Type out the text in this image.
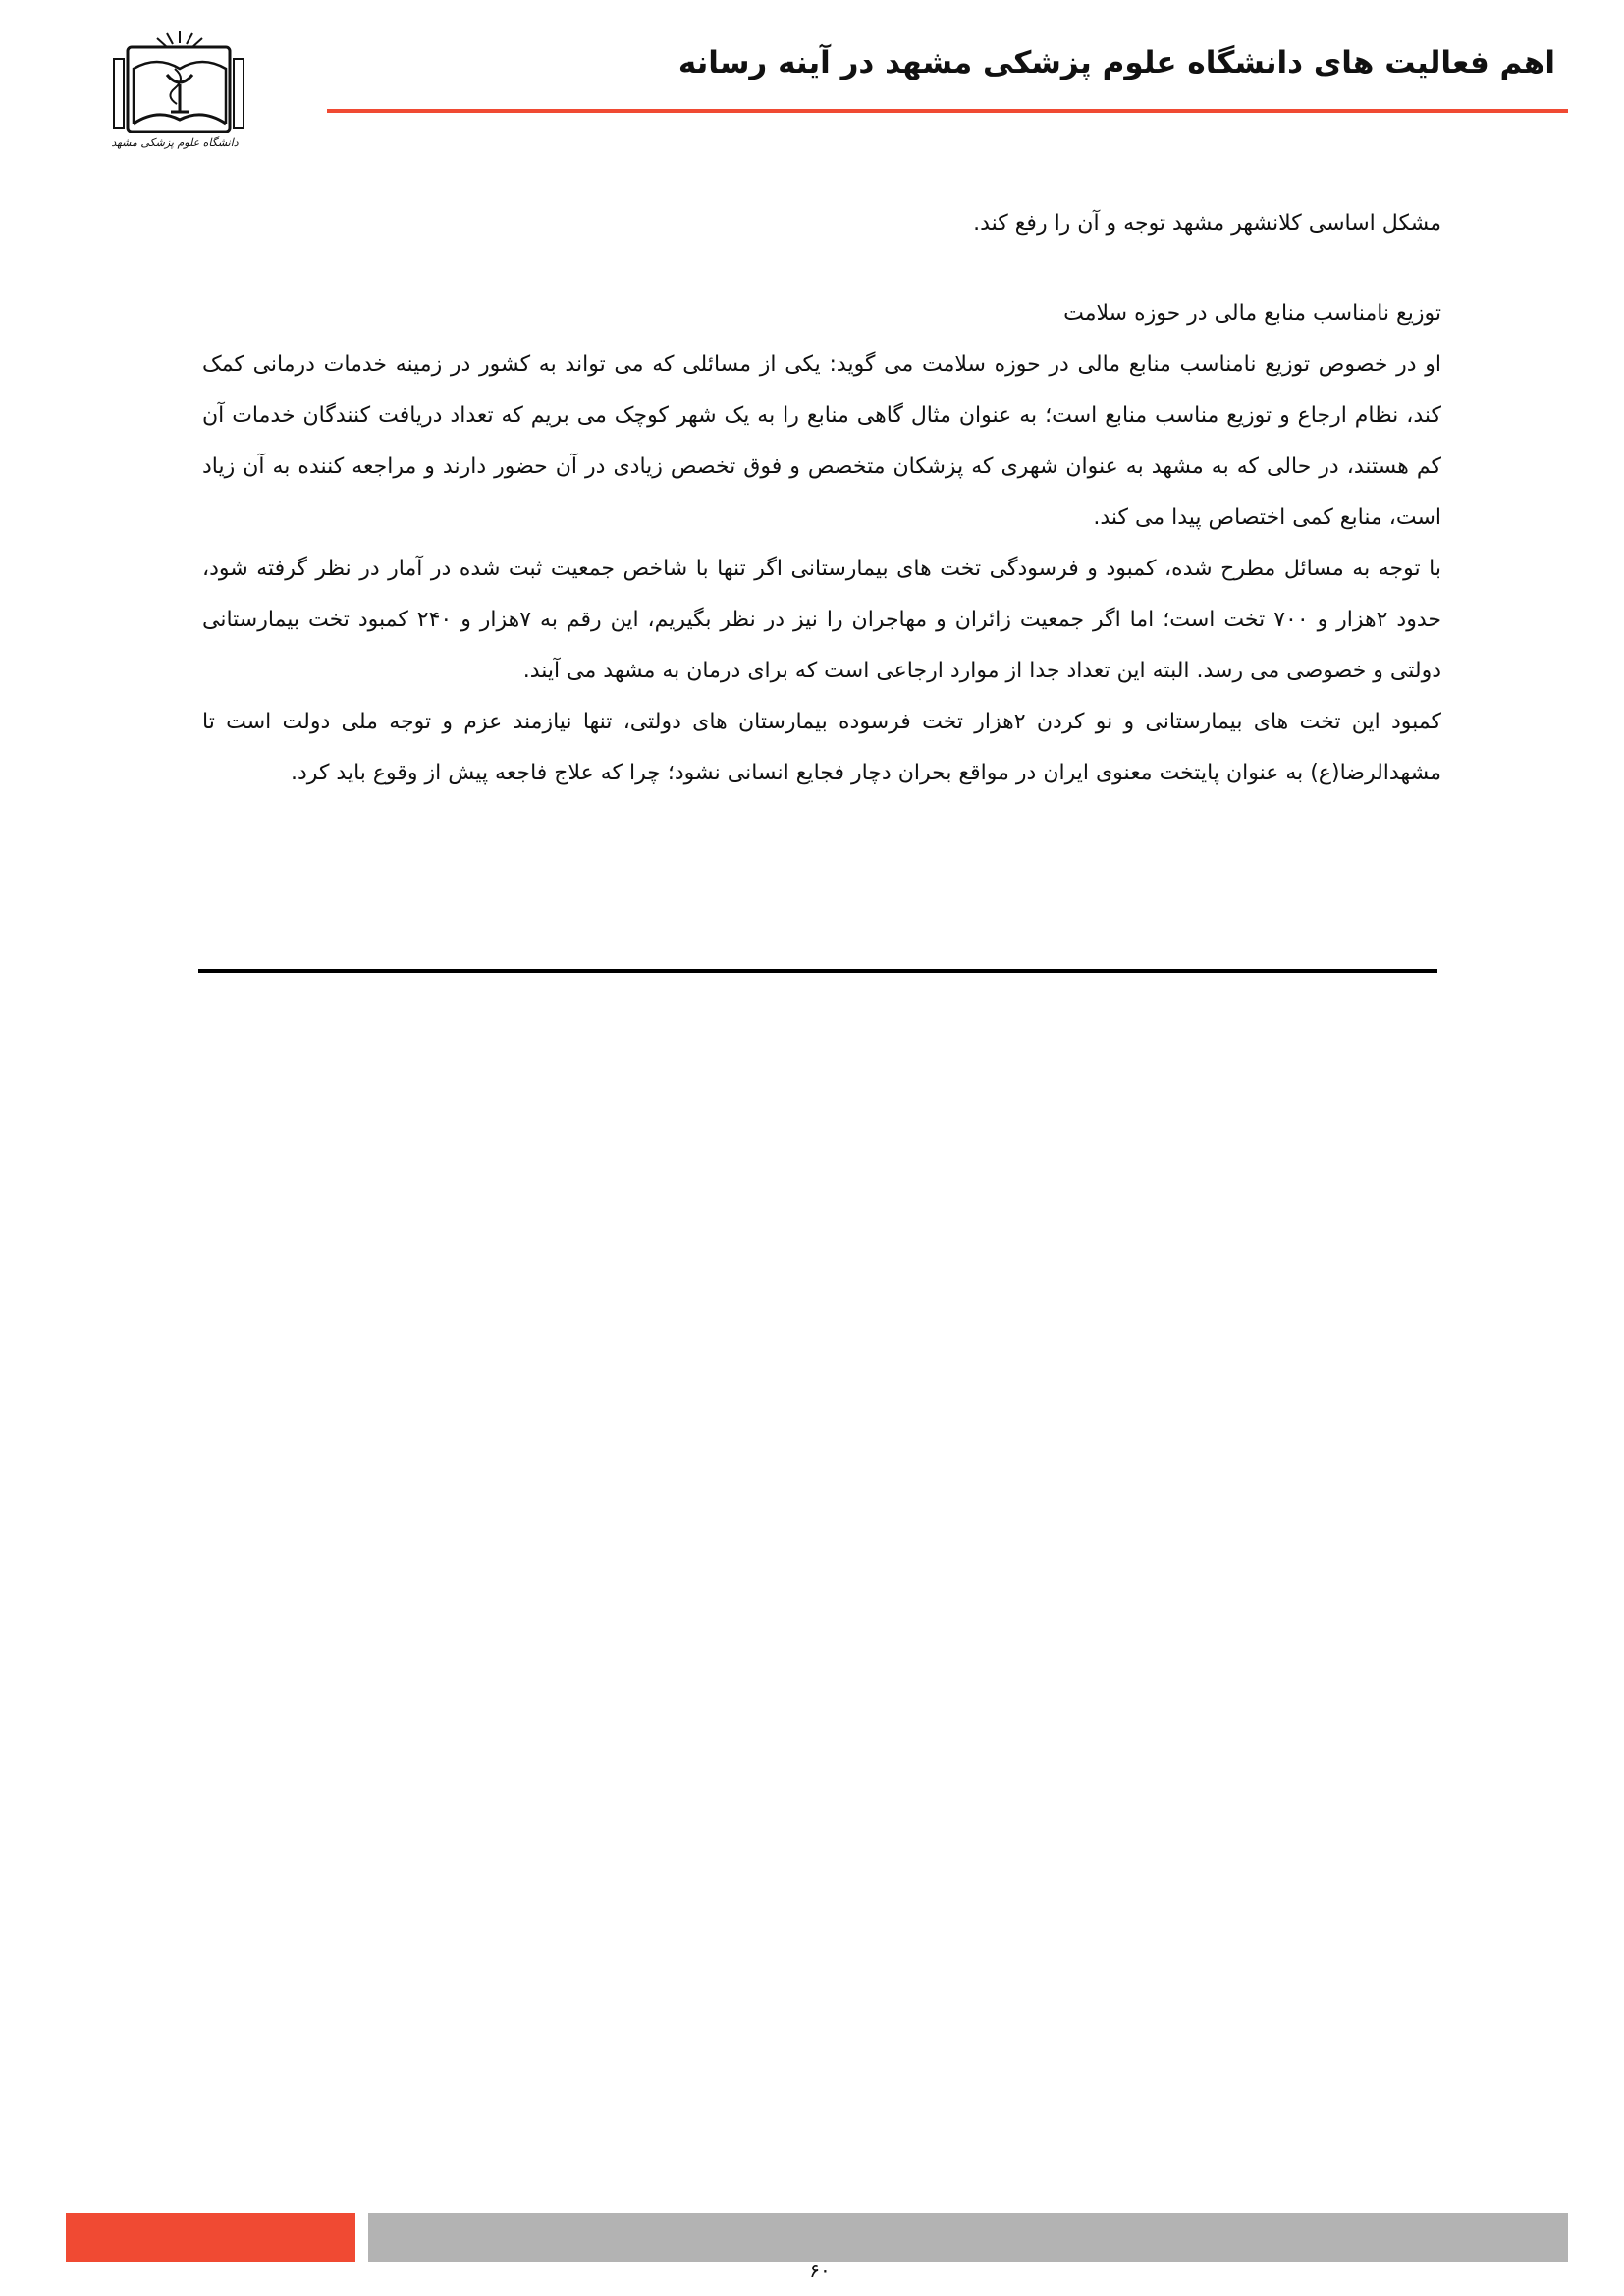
دانشگاه علوم پزشکی مشهد
اهم فعالیت های دانشگاه علوم پزشکی مشهد در آینه رسانه

مشکل اساسی کلانشهر مشهد توجه و آن را رفع کند.

توزیع نامناسب منابع مالی در حوزه سلامت

او در خصوص توزیع نامناسب منابع مالی در حوزه سلامت می گوید: یکی از مسائلی که می تواند به کشور در زمینه خدمات درمانی کمک کند، نظام ارجاع و توزیع مناسب منابع است؛ به عنوان مثال گاهی منابع را به یک شهر کوچک می بریم که تعداد دریافت کنندگان خدمات آن کم هستند، در حالی که به مشهد به عنوان شهری که پزشکان متخصص و فوق تخصص زیادی در آن حضور دارند و مراجعه کننده به آن زیاد است، منابع کمی اختصاص پیدا می کند.

با توجه به مسائل مطرح شده، کمبود و فرسودگی تخت های بیمارستانی اگر تنها با شاخص جمعیت ثبت شده در آمار در نظر گرفته شود، حدود ۲هزار و ۷۰۰ تخت است؛ اما اگر جمعیت زائران و مهاجران را نیز در نظر بگیریم، این رقم به ۷هزار و ۲۴۰ کمبود تخت بیمارستانی دولتی و خصوصی می رسد. البته این تعداد جدا از موارد ارجاعی است که برای درمان به مشهد می آیند.

کمبود این تخت های بیمارستانی و نو کردن ۲هزار تخت فرسوده بیمارستان های دولتی، تنها نیازمند عزم و توجه ملی دولت است تا مشهدالرضا(ع) به عنوان پایتخت معنوی ایران در مواقع بحران دچار فجایع انسانی نشود؛ چرا که علاج فاجعه پیش از وقوع باید کرد.

۶۰
